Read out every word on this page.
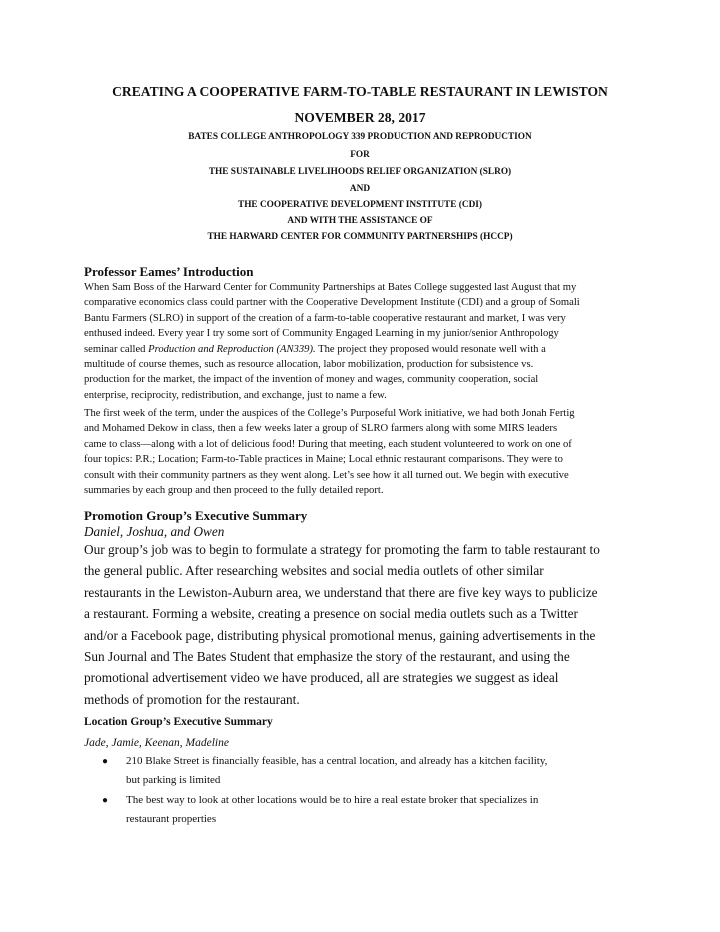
CREATING A COOPERATIVE FARM-TO-TABLE RESTAURANT IN LEWISTON
NOVEMBER 28, 2017
BATES COLLEGE ANTHROPOLOGY 339 PRODUCTION AND REPRODUCTION
FOR
THE SUSTAINABLE LIVELIHOODS RELIEF ORGANIZATION (SLRO)
AND
THE COOPERATIVE DEVELOPMENT INSTITUTE (CDI)
AND WITH THE ASSISTANCE OF
THE HARWARD CENTER FOR COMMUNITY PARTNERSHIPS (HCCP)
Professor Eames’ Introduction

When Sam Boss of the Harward Center for Community Partnerships at Bates College suggested last August that my

comparative economics class could partner with the Cooperative Development Institute (CDI) and a group of Somali

Bantu Farmers (SLRO) in support of the creation of a farm-to-table cooperative restaurant and market, I was very

enthused indeed. Every year I try some sort of Community Engaged Learning in my junior/senior Anthropology

seminar called Production and Reproduction (AN339). The project they proposed would resonate well with a

multitude of course themes, such as resource allocation, labor mobilization, production for subsistence vs.

production for the market, the impact of the invention of money and wages, community cooperation, social

enterprise, reciprocity, redistribution, and exchange, just to name a few.

The first week of the term, under the auspices of the College’s Purposeful Work initiative, we had both Jonah Fertig

and Mohamed Dekow in class, then a few weeks later a group of SLRO farmers along with some MIRS leaders

came to class—along with a lot of delicious food! During that meeting, each student volunteered to work on one of

four topics: P.R.; Location; Farm-to-Table practices in Maine; Local ethnic restaurant comparisons. They were to

consult with their community partners as they went along. Let’s see how it all turned out. We begin with executive

summaries by each group and then proceed to the fully detailed report.

Promotion Group’s Executive Summary
Daniel, Joshua, and Owen
Our group’s job was to begin to formulate a strategy for promoting the farm to table restaurant to
the general public. After researching websites and social media outlets of other similar
restaurants in the Lewiston-Auburn area, we understand that there are five key ways to publicize
a restaurant. Forming a website, creating a presence on social media outlets such as a Twitter
and/or a Facebook page, distributing physical promotional menus, gaining advertisements in the
Sun Journal and The Bates Student that emphasize the story of the restaurant, and using the
promotional advertisement video we have produced, all are strategies we suggest as ideal
methods of promotion for the restaurant.
Location Group’s Executive Summary
Jade, Jamie, Keenan, Madeline
● 210 Blake Street is financially feasible, has a central location, and already has a kitchen facility,
but parking is limited
● The best way to look at other locations would be to hire a real estate broker that specializes in
restaurant properties
